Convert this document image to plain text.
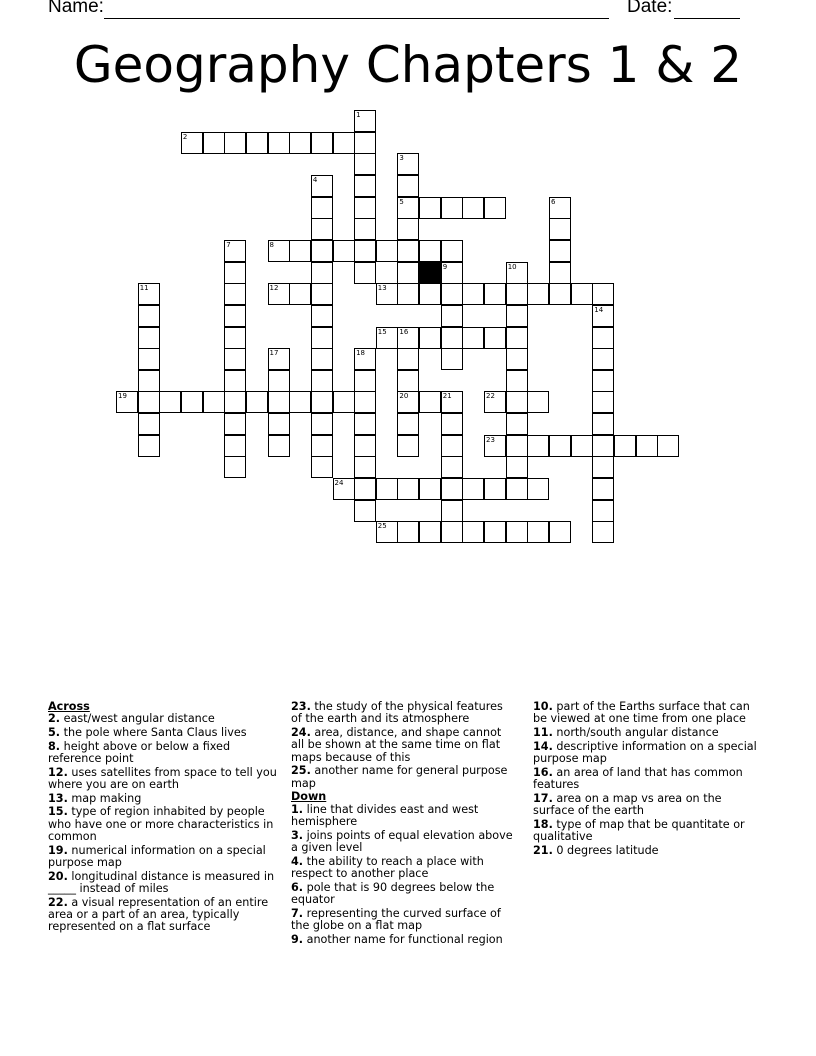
Name:	Date:
Geography Chapters 1 & 2
1
2
3
5
4
6
7	8
9	10
11	12	13
14
15 16
20
17	18
19	21	22
23
24
25
Across
2. east/west angular distance
5. the pole where Santa Claus lives
8. height above or below a fixed reference point
12. uses satellites from space to tell you where you are on earth
13. map making
15. type of region inhabited by people who have one or more characteristics in common
19. numerical information on a special purpose map
20. longitudinal distance is measured in _____ instead of miles
22. a visual representation of an entire area or a part of an area, typically represented on a flat surface
23. the study of the physical features of the earth and its atmosphere
24. area, distance, and shape cannot all be shown at the same time on flat maps because of this
25. another name for general purpose map
Down
1. line that divides east and west hemisphere
3. joins points of equal elevation above a given level
4. the ability to reach a place with respect to another place
6. pole that is 90 degrees below the equator
7. representing the curved surface of the globe on a flat map
9. another name for functional region
10. part of the Earths surface that can be viewed at one time from one place
11. north/south angular distance
14. descriptive information on a special purpose map
16. an area of land that has common features
17. area on a map vs area on the surface of the earth
18. type of map that be quantitate or qualitative
21. 0 degrees latitude
